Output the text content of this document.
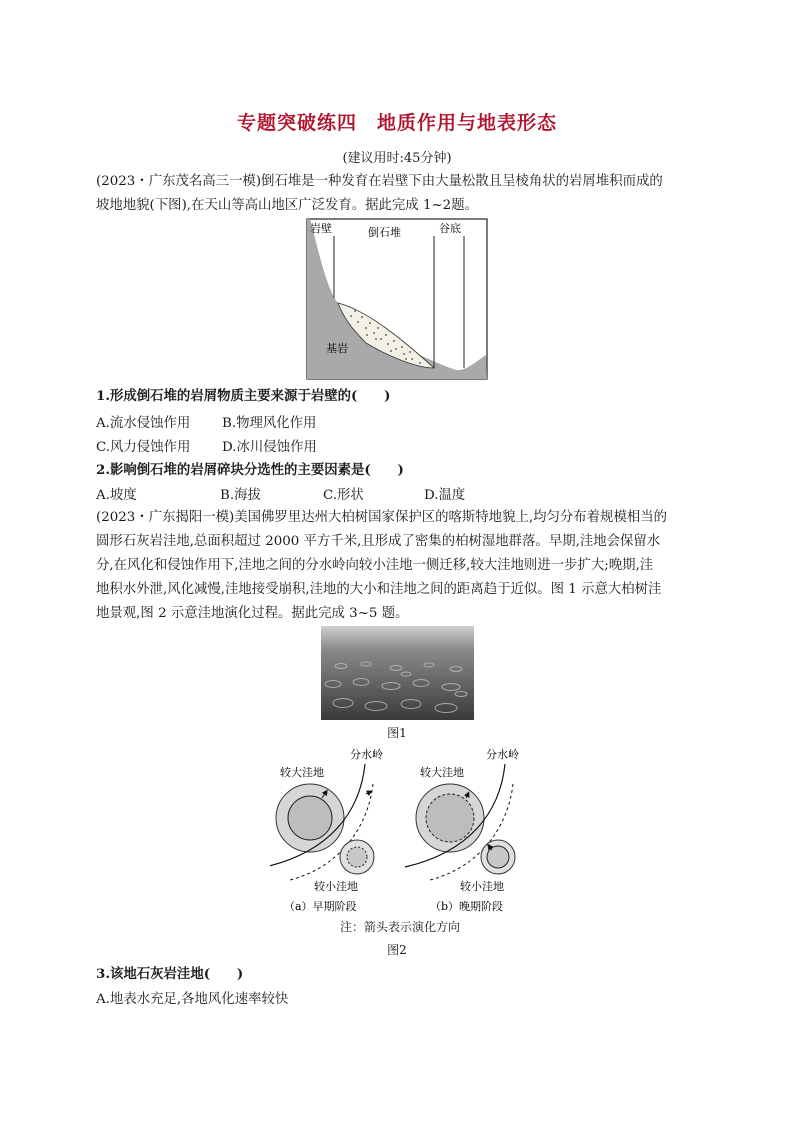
专题突破练四　地质作用与地表形态
(建议用时:45分钟)
(2023・广东茂名高三一模)倒石堆是一种发育在岩壁下由大量松散且呈棱角状的岩屑堆积而成的
坡地地貌(下图),在天山等高山地区广泛发育。据此完成 1~2题。
岩壁	倒石堆	谷底
基岩
1.形成倒石堆的岩屑物质主要来源于岩壁的(　　)
A.流水侵蚀作用 B.物理风化作用
C.风力侵蚀作用 D.冰川侵蚀作用
2.影响倒石堆的岩屑碎块分选性的主要因素是(　　)
A.坡度	B.海拔	C.形状	D.温度
(2023・广东揭阳一模)美国佛罗里达州大柏树国家保护区的喀斯特地貌上,均匀分布着规模相当的
圆形石灰岩洼地,总面积超过 2000 平方千米,且形成了密集的柏树湿地群落。早期,洼地会保留水
分,在风化和侵蚀作用下,洼地之间的分水岭向较小洼地一侧迁移,较大洼地则进一步扩大;晚期,洼
地积水外泄,风化减慢,洼地接受崩积,洼地的大小和洼地之间的距离趋于近似。图 1 示意大柏树洼
地景观,图 2 示意洼地演化过程。据此完成 3~5 题。
图1
较大洼地
分水岭
较小洼地
较大洼地
分水岭
较小洼地
（a）早期阶段	（b）晚期阶段
注：箭头表示演化方向
图2
3.该地石灰岩洼地(　　)
A.地表水充足,各地风化速率较快
